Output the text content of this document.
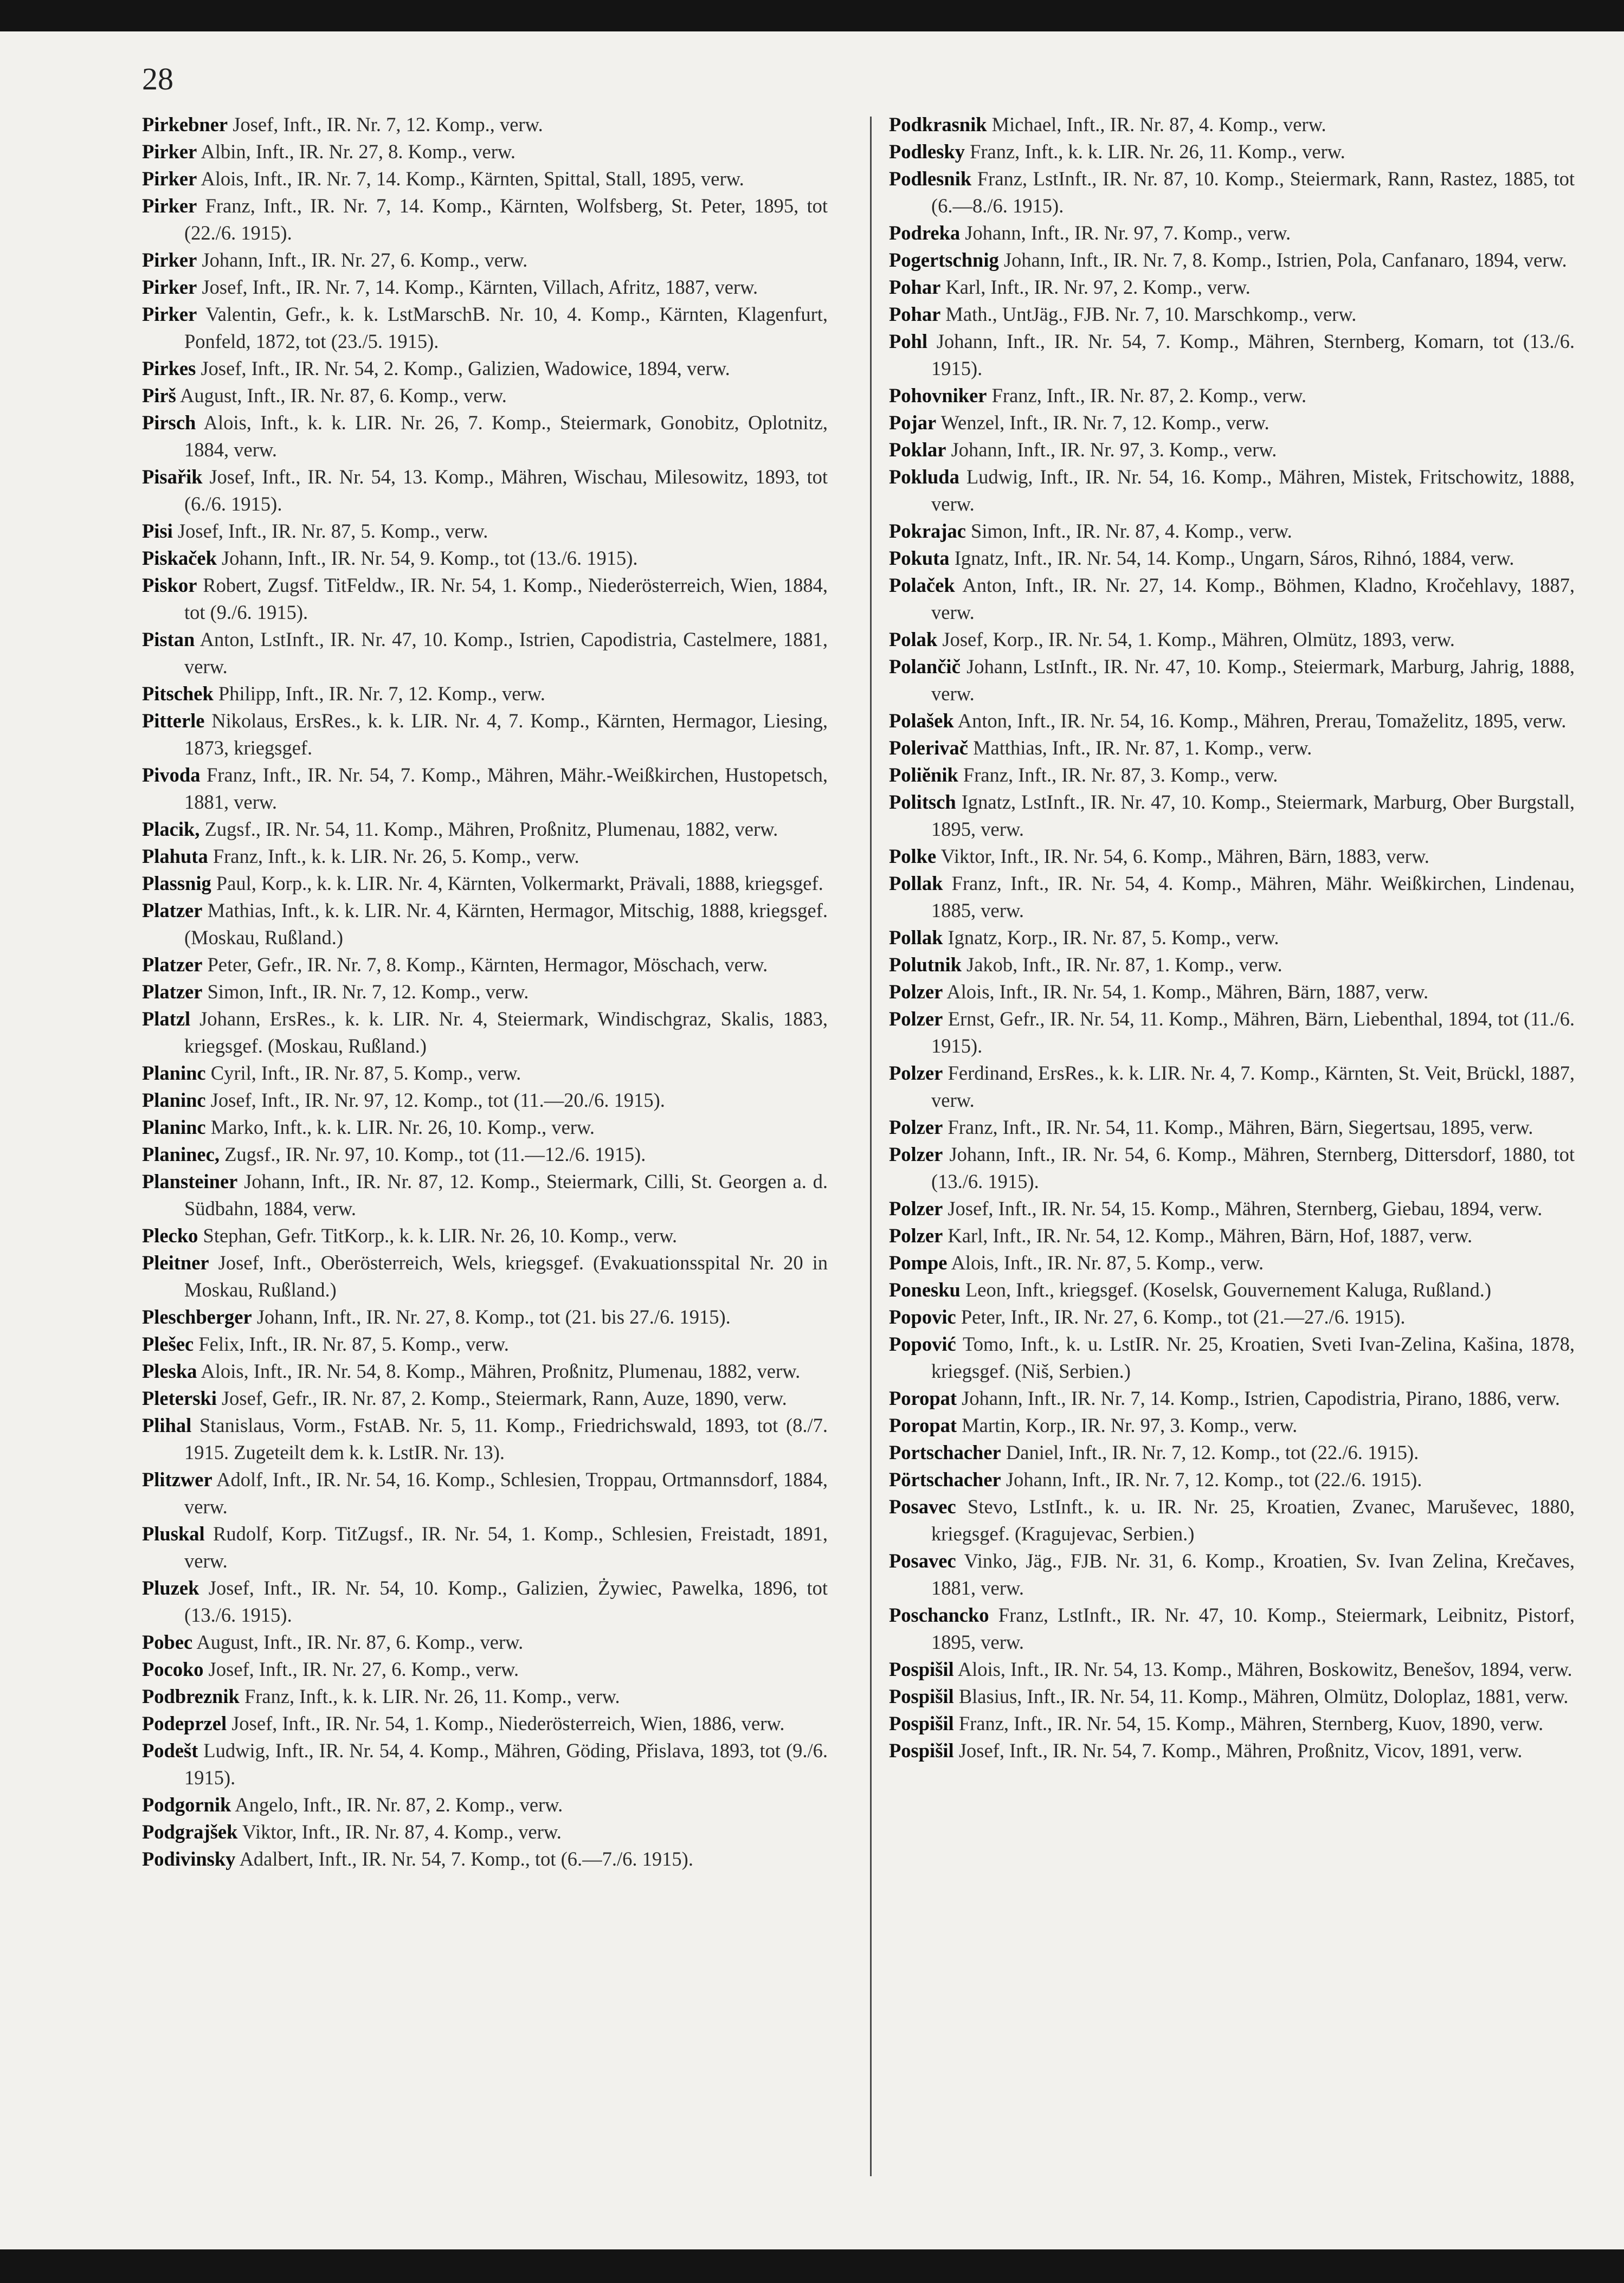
28

Pirkebner Josef, Inft., IR. Nr. 7, 12. Komp., verw.

Pirker Albin, Inft., IR. Nr. 27, 8. Komp., verw.

Pirker Alois, Inft., IR. Nr. 7, 14. Komp., Kärnten, Spittal, Stall, 1895, verw.

Pirker Franz, Inft., IR. Nr. 7, 14. Komp., Kärnten, Wolfsberg, St. Peter, 1895, tot (22./6. 1915).

Pirker Johann, Inft., IR. Nr. 27, 6. Komp., verw.

Pirker Josef, Inft., IR. Nr. 7, 14. Komp., Kärnten, Villach, Afritz, 1887, verw.

Pirker Valentin, Gefr., k. k. LstMarschB. Nr. 10, 4. Komp., Kärnten, Klagenfurt, Ponfeld, 1872, tot (23./5. 1915).

Pirkes Josef, Inft., IR. Nr. 54, 2. Komp., Galizien, Wadowice, 1894, verw.

Pirš August, Inft., IR. Nr. 87, 6. Komp., verw.

Pirsch Alois, Inft., k. k. LIR. Nr. 26, 7. Komp., Steiermark, Gonobitz, Oplotnitz, 1884, verw.

Pisařik Josef, Inft., IR. Nr. 54, 13. Komp., Mähren, Wischau, Milesowitz, 1893, tot (6./6. 1915).

Pisi Josef, Inft., IR. Nr. 87, 5. Komp., verw.

Piskaček Johann, Inft., IR. Nr. 54, 9. Komp., tot (13./6. 1915).

Piskor Robert, Zugsf. TitFeldw., IR. Nr. 54, 1. Komp., Niederösterreich, Wien, 1884, tot (9./6. 1915).

Pistan Anton, LstInft., IR. Nr. 47, 10. Komp., Istrien, Capodistria, Castelmere, 1881, verw.

Pitschek Philipp, Inft., IR. Nr. 7, 12. Komp., verw.

Pitterle Nikolaus, ErsRes., k. k. LIR. Nr. 4, 7. Komp., Kärnten, Hermagor, Liesing, 1873, kriegsgef.

Pivoda Franz, Inft., IR. Nr. 54, 7. Komp., Mähren, Mähr.-Weißkirchen, Hustopetsch, 1881, verw.

Placik, Zugsf., IR. Nr. 54, 11. Komp., Mähren, Proßnitz, Plumenau, 1882, verw.

Plahuta Franz, Inft., k. k. LIR. Nr. 26, 5. Komp., verw.

Plassnig Paul, Korp., k. k. LIR. Nr. 4, Kärnten, Volkermarkt, Prävali, 1888, kriegsgef.

Platzer Mathias, Inft., k. k. LIR. Nr. 4, Kärnten, Hermagor, Mitschig, 1888, kriegsgef. (Moskau, Rußland.)

Platzer Peter, Gefr., IR. Nr. 7, 8. Komp., Kärnten, Hermagor, Möschach, verw.

Platzer Simon, Inft., IR. Nr. 7, 12. Komp., verw.

Platzl Johann, ErsRes., k. k. LIR. Nr. 4, Steiermark, Windischgraz, Skalis, 1883, kriegsgef. (Moskau, Rußland.)

Planinc Cyril, Inft., IR. Nr. 87, 5. Komp., verw.

Planinc Josef, Inft., IR. Nr. 97, 12. Komp., tot (11.—20./6. 1915).

Planinc Marko, Inft., k. k. LIR. Nr. 26, 10. Komp., verw.

Planinec, Zugsf., IR. Nr. 97, 10. Komp., tot (11.—12./6. 1915).

Plansteiner Johann, Inft., IR. Nr. 87, 12. Komp., Steiermark, Cilli, St. Georgen a. d. Südbahn, 1884, verw.

Plecko Stephan, Gefr. TitKorp., k. k. LIR. Nr. 26, 10. Komp., verw.

Pleitner Josef, Inft., Oberösterreich, Wels, kriegsgef. (Evakuationsspital Nr. 20 in Moskau, Rußland.)

Pleschberger Johann, Inft., IR. Nr. 27, 8. Komp., tot (21. bis 27./6. 1915).

Plešec Felix, Inft., IR. Nr. 87, 5. Komp., verw.

Pleska Alois, Inft., IR. Nr. 54, 8. Komp., Mähren, Proßnitz, Plumenau, 1882, verw.

Pleterski Josef, Gefr., IR. Nr. 87, 2. Komp., Steiermark, Rann, Auze, 1890, verw.

Plihal Stanislaus, Vorm., FstAB. Nr. 5, 11. Komp., Friedrichswald, 1893, tot (8./7. 1915. Zugeteilt dem k. k. LstIR. Nr. 13).

Plitzwer Adolf, Inft., IR. Nr. 54, 16. Komp., Schlesien, Troppau, Ortmannsdorf, 1884, verw.

Pluskal Rudolf, Korp. TitZugsf., IR. Nr. 54, 1. Komp., Schlesien, Freistadt, 1891, verw.

Pluzek Josef, Inft., IR. Nr. 54, 10. Komp., Galizien, Żywiec, Pawelka, 1896, tot (13./6. 1915).

Pobec August, Inft., IR. Nr. 87, 6. Komp., verw.

Pocoko Josef, Inft., IR. Nr. 27, 6. Komp., verw.

Podbreznik Franz, Inft., k. k. LIR. Nr. 26, 11. Komp., verw.

Podeprzel Josef, Inft., IR. Nr. 54, 1. Komp., Niederösterreich, Wien, 1886, verw.

Podešt Ludwig, Inft., IR. Nr. 54, 4. Komp., Mähren, Göding, Přislava, 1893, tot (9./6. 1915).

Podgornik Angelo, Inft., IR. Nr. 87, 2. Komp., verw.

Podgrajšek Viktor, Inft., IR. Nr. 87, 4. Komp., verw.

Podivinsky Adalbert, Inft., IR. Nr. 54, 7. Komp., tot (6.—7./6. 1915).

Podkrasnik Michael, Inft., IR. Nr. 87, 4. Komp., verw.

Podlesky Franz, Inft., k. k. LIR. Nr. 26, 11. Komp., verw.

Podlesnik Franz, LstInft., IR. Nr. 87, 10. Komp., Steiermark, Rann, Rastez, 1885, tot (6.—8./6. 1915).

Podreka Johann, Inft., IR. Nr. 97, 7. Komp., verw.

Pogertschnig Johann, Inft., IR. Nr. 7, 8. Komp., Istrien, Pola, Canfanaro, 1894, verw.

Pohar Karl, Inft., IR. Nr. 97, 2. Komp., verw.

Pohar Math., UntJäg., FJB. Nr. 7, 10. Marschkomp., verw.

Pohl Johann, Inft., IR. Nr. 54, 7. Komp., Mähren, Sternberg, Komarn, tot (13./6. 1915).

Pohovniker Franz, Inft., IR. Nr. 87, 2. Komp., verw.

Pojar Wenzel, Inft., IR. Nr. 7, 12. Komp., verw.

Poklar Johann, Inft., IR. Nr. 97, 3. Komp., verw.

Pokluda Ludwig, Inft., IR. Nr. 54, 16. Komp., Mähren, Mistek, Fritschowitz, 1888, verw.

Pokrajac Simon, Inft., IR. Nr. 87, 4. Komp., verw.

Pokuta Ignatz, Inft., IR. Nr. 54, 14. Komp., Ungarn, Sáros, Rihnó, 1884, verw.

Polaček Anton, Inft., IR. Nr. 27, 14. Komp., Böhmen, Kladno, Kročehlavy, 1887, verw.

Polak Josef, Korp., IR. Nr. 54, 1. Komp., Mähren, Olmütz, 1893, verw.

Polančič Johann, LstInft., IR. Nr. 47, 10. Komp., Steiermark, Marburg, Jahrig, 1888, verw.

Polašek Anton, Inft., IR. Nr. 54, 16. Komp., Mähren, Prerau, Tomaželitz, 1895, verw.

Polerivač Matthias, Inft., IR. Nr. 87, 1. Komp., verw.

Poliĕnik Franz, Inft., IR. Nr. 87, 3. Komp., verw.

Politsch Ignatz, LstInft., IR. Nr. 47, 10. Komp., Steiermark, Marburg, Ober Burgstall, 1895, verw.

Polke Viktor, Inft., IR. Nr. 54, 6. Komp., Mähren, Bärn, 1883, verw.

Pollak Franz, Inft., IR. Nr. 54, 4. Komp., Mähren, Mähr. Weißkirchen, Lindenau, 1885, verw.

Pollak Ignatz, Korp., IR. Nr. 87, 5. Komp., verw.

Polutnik Jakob, Inft., IR. Nr. 87, 1. Komp., verw.

Polzer Alois, Inft., IR. Nr. 54, 1. Komp., Mähren, Bärn, 1887, verw.

Polzer Ernst, Gefr., IR. Nr. 54, 11. Komp., Mähren, Bärn, Liebenthal, 1894, tot (11./6. 1915).

Polzer Ferdinand, ErsRes., k. k. LIR. Nr. 4, 7. Komp., Kärnten, St. Veit, Brückl, 1887, verw.

Polzer Franz, Inft., IR. Nr. 54, 11. Komp., Mähren, Bärn, Siegertsau, 1895, verw.

Polzer Johann, Inft., IR. Nr. 54, 6. Komp., Mähren, Sternberg, Dittersdorf, 1880, tot (13./6. 1915).

Polzer Josef, Inft., IR. Nr. 54, 15. Komp., Mähren, Sternberg, Giebau, 1894, verw.

Polzer Karl, Inft., IR. Nr. 54, 12. Komp., Mähren, Bärn, Hof, 1887, verw.

Pompe Alois, Inft., IR. Nr. 87, 5. Komp., verw.

Ponesku Leon, Inft., kriegsgef. (Koselsk, Gouvernement Kaluga, Rußland.)

Popovic Peter, Inft., IR. Nr. 27, 6. Komp., tot (21.—27./6. 1915).

Popović Tomo, Inft., k. u. LstIR. Nr. 25, Kroatien, Sveti Ivan-Zelina, Kašina, 1878, kriegsgef. (Niš, Serbien.)

Poropat Johann, Inft., IR. Nr. 7, 14. Komp., Istrien, Capodistria, Pirano, 1886, verw.

Poropat Martin, Korp., IR. Nr. 97, 3. Komp., verw.

Portschacher Daniel, Inft., IR. Nr. 7, 12. Komp., tot (22./6. 1915).

Pörtschacher Johann, Inft., IR. Nr. 7, 12. Komp., tot (22./6. 1915).

Posavec Stevo, LstInft., k. u. IR. Nr. 25, Kroatien, Zvanec, Maruševec, 1880, kriegsgef. (Kragujevac, Serbien.)

Posavec Vinko, Jäg., FJB. Nr. 31, 6. Komp., Kroatien, Sv. Ivan Zelina, Krečaves, 1881, verw.

Poschancko Franz, LstInft., IR. Nr. 47, 10. Komp., Steiermark, Leibnitz, Pistorf, 1895, verw.

Pospišil Alois, Inft., IR. Nr. 54, 13. Komp., Mähren, Boskowitz, Benešov, 1894, verw.

Pospišil Blasius, Inft., IR. Nr. 54, 11. Komp., Mähren, Olmütz, Doloplaz, 1881, verw.

Pospišil Franz, Inft., IR. Nr. 54, 15. Komp., Mähren, Sternberg, Kuov, 1890, verw.

Pospišil Josef, Inft., IR. Nr. 54, 7. Komp., Mähren, Proßnitz, Vicov, 1891, verw.
